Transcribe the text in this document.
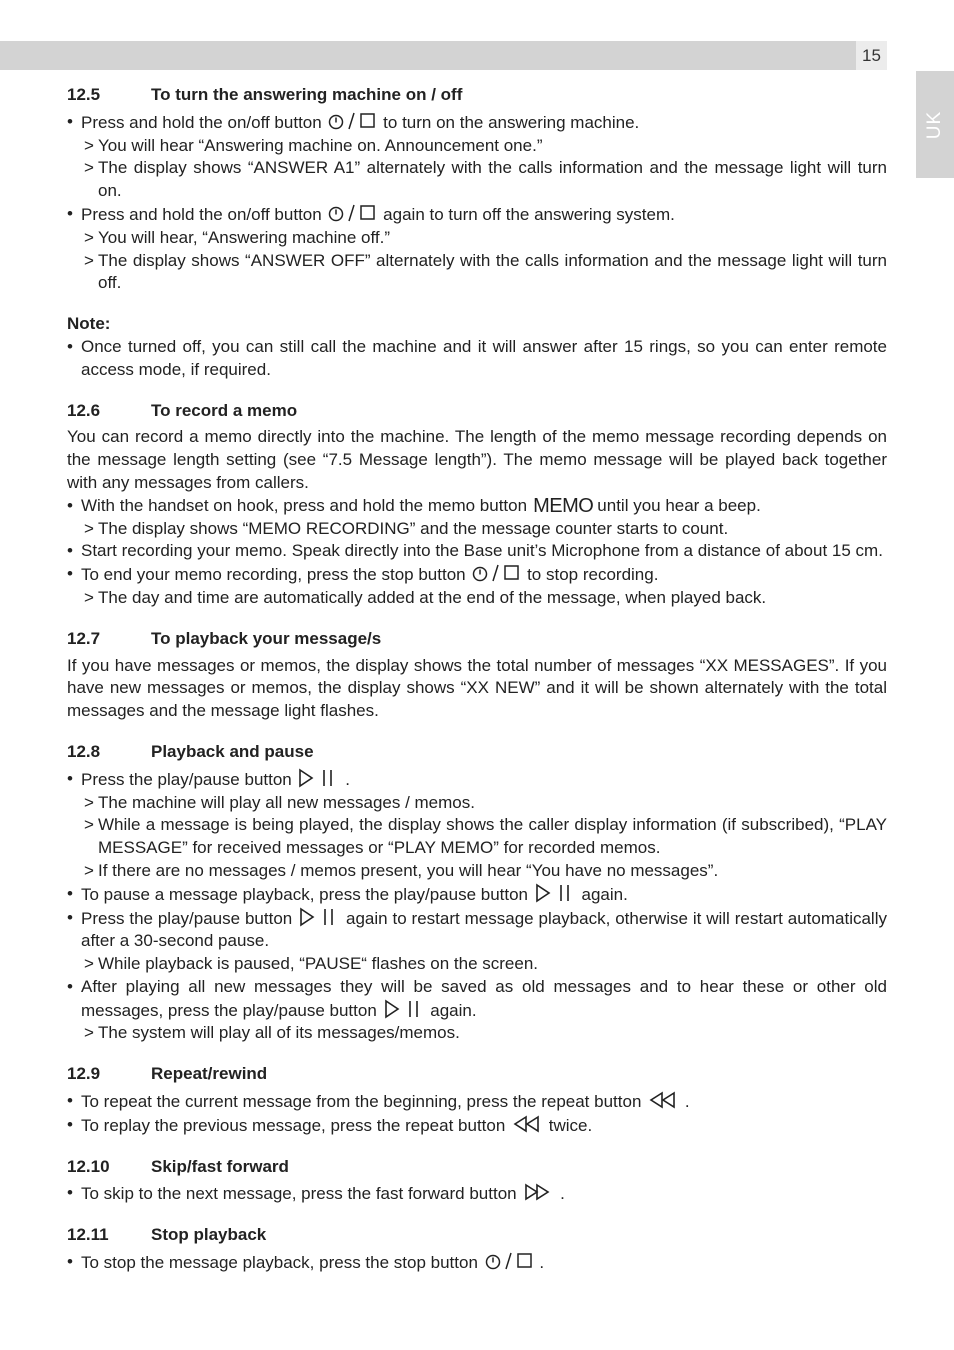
15
UK
12.5	To turn the answering machine on / off
• Press and hold the on/off button	to turn on the answering machine.
> You will hear “Answering machine on. Announcement one.”
> The display shows “ANSWER A1” alternately with the calls information and the message light will turn on.
• Press and hold the on/off button	again to turn off the answering system.
> You will hear, “Answering machine off.”
> The display shows “ANSWER OFF” alternately with the calls information and the message light will turn off.
Note:
• Once turned off, you can still call the machine and it will answer after 15 rings, so you can enter remote access mode, if required.
12.6	To record a memo
You can record a memo directly into the machine. The length of the memo message recording depends on the message length setting (see “7.5 Message length”). The memo message will be played back together with any messages from callers.
• With the handset on hook, press and hold the memo button MEMO until you hear a beep.
> The display shows “MEMO RECORDING” and the message counter starts to count.
• Start recording your memo. Speak directly into the Base unit’s Microphone from a distance of about 15 cm.
• To end your memo recording, press the stop button	to stop recording.
> The day and time are automatically added at the end of the message, when played back.
12.7	To playback your message/s
If you have messages or memos, the display shows the total number of messages “XX MESSAGES”. If you have new messages or memos, the display shows “XX NEW” and it will be shown alternately with the total messages and the message light flashes.
12.8	Playback and pause
• Press the play/pause button	.
> The machine will play all new messages / memos.
> While a message is being played, the display shows the caller display information (if subscribed), “PLAY MESSAGE” for received messages or “PLAY MEMO” for recorded memos.
> If there are no messages / memos present, you will hear “You have no messages”.
• To pause a message playback, press the play/pause button	again.
• Press the play/pause button	again to restart message playback, otherwise it will restart automatically after a 30-second pause.
> While playback is paused, “PAUSE“ flashes on the screen.
• After playing all new messages they will be saved as old messages and to hear these or other old messages, press the play/pause button	again.
> The system will play all of its messages/memos.
12.9	Repeat/rewind
• To repeat the current message from the beginning, press the repeat button	.
• To replay the previous message, press the repeat button	twice.
12.10 Skip/fast forward
• To skip to the next message, press the fast forward button	.
12.11 Stop playback
• To stop the message playback, press the stop button	.
